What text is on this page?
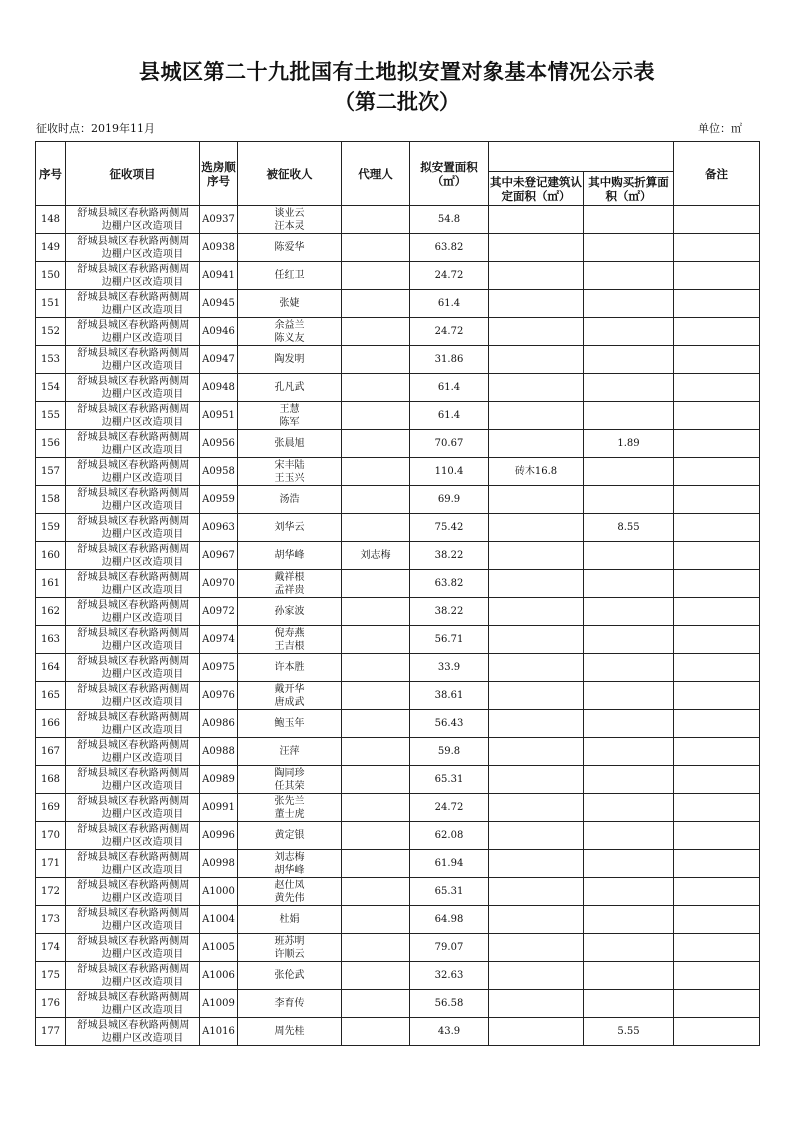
县城区第二十九批国有土地拟安置对象基本情况公示表
（第二批次）
征收时点：2019年11月	单位：㎡
序号	征收项目	选房顺序号	被征收人	代理人	拟安置面积（㎡）			备注
						其中未登记建筑认定面积（㎡）	其中购买折算面积（㎡）	
148	舒城县城区春秋路两侧周
边棚户区改造项目	A0937	谈业云
汪本灵		54.8			
149	舒城县城区春秋路两侧周
边棚户区改造项目	A0938	陈爱华		63.82			
150	舒城县城区春秋路两侧周
边棚户区改造项目	A0941	任红卫		24.72			
151	舒城县城区春秋路两侧周
边棚户区改造项目	A0945	张婕		61.4			
152	舒城县城区春秋路两侧周
边棚户区改造项目	A0946	余益兰
陈义友		24.72			
153	舒城县城区春秋路两侧周
边棚户区改造项目	A0947	陶发明		31.86			
154	舒城县城区春秋路两侧周
边棚户区改造项目	A0948	孔凡武		61.4			
155	舒城县城区春秋路两侧周
边棚户区改造项目	A0951	王慧
陈军		61.4			
156	舒城县城区春秋路两侧周
边棚户区改造项目	A0956	张晨旭		70.67		1.89	
157	舒城县城区春秋路两侧周
边棚户区改造项目	A0958	宋丰陆
王玉兴		110.4	砖木16.8		
158	舒城县城区春秋路两侧周
边棚户区改造项目	A0959	汤浩		69.9			
159	舒城县城区春秋路两侧周
边棚户区改造项目	A0963	刘华云		75.42		8.55	
160	舒城县城区春秋路两侧周
边棚户区改造项目	A0967	胡华峰	刘志梅	38.22			
161	舒城县城区春秋路两侧周
边棚户区改造项目	A0970	戴祥根
孟祥贵		63.82			
162	舒城县城区春秋路两侧周
边棚户区改造项目	A0972	孙家波		38.22			
163	舒城县城区春秋路两侧周
边棚户区改造项目	A0974	倪寿燕
王吉根		56.71			
164	舒城县城区春秋路两侧周
边棚户区改造项目	A0975	许本胜		33.9			
165	舒城县城区春秋路两侧周
边棚户区改造项目	A0976	戴开华
唐成武		38.61			
166	舒城县城区春秋路两侧周
边棚户区改造项目	A0986	鲍玉年		56.43			
167	舒城县城区春秋路两侧周
边棚户区改造项目	A0988	汪萍		59.8			
168	舒城县城区春秋路两侧周
边棚户区改造项目	A0989	陶同珍
任其荣		65.31			
169	舒城县城区春秋路两侧周
边棚户区改造项目	A0991	张先兰
董士虎		24.72			
170	舒城县城区春秋路两侧周
边棚户区改造项目	A0996	黄定银		62.08			
171	舒城县城区春秋路两侧周
边棚户区改造项目	A0998	刘志梅
胡华峰		61.94			
172	舒城县城区春秋路两侧周
边棚户区改造项目	A1000	赵仕凤
黄先伟		65.31			
173	舒城县城区春秋路两侧周
边棚户区改造项目	A1004	杜娟		64.98			
174	舒城县城区春秋路两侧周
边棚户区改造项目	A1005	班苏明
许顺云		79.07			
175	舒城县城区春秋路两侧周
边棚户区改造项目	A1006	张伦武		32.63			
176	舒城县城区春秋路两侧周
边棚户区改造项目	A1009	李育传		56.58			
177	舒城县城区春秋路两侧周
边棚户区改造项目	A1016	周先桂		43.9		5.55	
